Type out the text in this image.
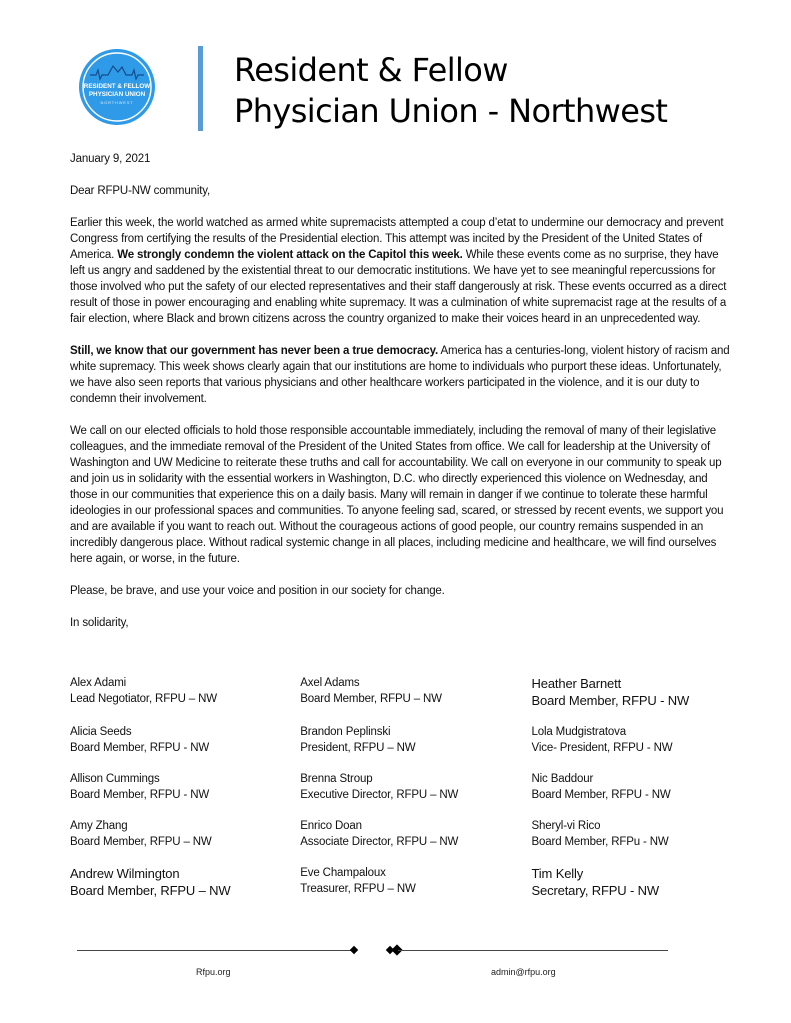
RESIDENT & FELLOW
PHYSICIAN UNION
NORTHWEST
Resident & Fellow
Physician Union - Northwest

January 9, 2021

Dear RFPU-NW community,

Earlier this week, the world watched as armed white supremacists attempted a coup d’etat to undermine our democracy and prevent Congress from certifying the results of the Presidential election. This attempt was incited by the President of the United States of America. We strongly condemn the violent attack on the Capitol this week. While these events come as no surprise, they have left us angry and saddened by the existential threat to our democratic institutions. We have yet to see meaningful repercussions for those involved who put the safety of our elected representatives and their staff dangerously at risk. These events occurred as a direct result of those in power encouraging and enabling white supremacy. It was a culmination of white supremacist rage at the results of a fair election, where Black and brown citizens across the country organized to make their voices heard in an unprecedented way.

Still, we know that our government has never been a true democracy. America has a centuries-long, violent history of racism and white supremacy. This week shows clearly again that our institutions are home to individuals who purport these ideas. Unfortunately, we have also seen reports that various physicians and other healthcare workers participated in the violence, and it is our duty to condemn their involvement.

We call on our elected officials to hold those responsible accountable immediately, including the removal of many of their legislative colleagues, and the immediate removal of the President of the United States from office. We call for leadership at the University of Washington and UW Medicine to reiterate these truths and call for accountability. We call on everyone in our community to speak up and join us in solidarity with the essential workers in Washington, D.C. who directly experienced this violence on Wednesday, and those in our communities that experience this on a daily basis. Many will remain in danger if we continue to tolerate these harmful ideologies in our professional spaces and communities. To anyone feeling sad, scared, or stressed by recent events, we support you and are available if you want to reach out. Without the courageous actions of good people, our country remains suspended in an incredibly dangerous place. Without radical systemic change in all places, including medicine and healthcare, we will find ourselves here again, or worse, in the future.

Please, be brave, and use your voice and position in our society for change.

In solidarity,

Alex Adami
Lead Negotiator, RFPU – NW
Axel Adams
Board Member, RFPU – NW
Heather Barnett
Board Member, RFPU - NW
Alicia Seeds
Board Member, RFPU - NW
Brandon Peplinski
President, RFPU – NW
Lola Mudgistratova
Vice- President, RFPU - NW
Allison Cummings
Board Member, RFPU - NW
Brenna Stroup
Executive Director, RFPU – NW
Nic Baddour
Board Member, RFPU - NW
Amy Zhang
Board Member, RFPU – NW
Enrico Doan
Associate Director, RFPU – NW
Sheryl-vi Rico
Board Member, RFPu - NW
Andrew Wilmington
Board Member, RFPU – NW
Eve Champaloux
Treasurer, RFPU – NW
Tim Kelly
Secretary, RFPU - NW
Rfpu.org	admin@rfpu.org
